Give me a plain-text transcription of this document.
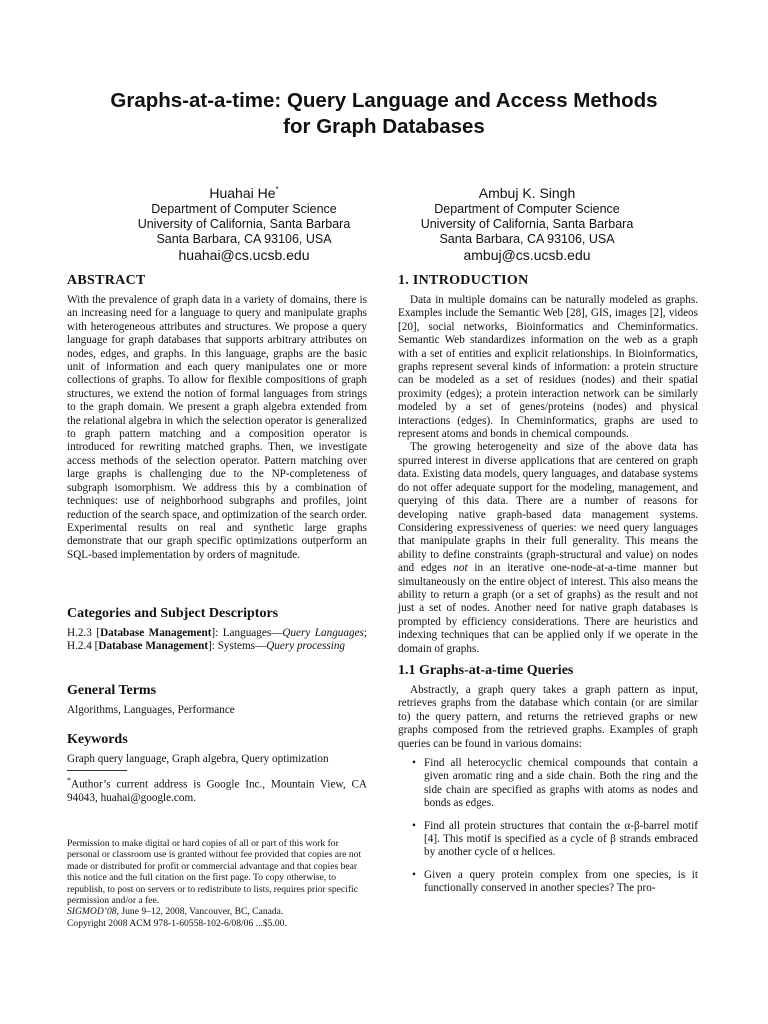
Graphs-at-a-time: Query Language and Access Methods
for Graph Databases
Huahai He*
Department of Computer Science
University of California, Santa Barbara
Santa Barbara, CA 93106, USA
huahai@cs.ucsb.edu
Ambuj K. Singh
Department of Computer Science
University of California, Santa Barbara
Santa Barbara, CA 93106, USA
ambuj@cs.ucsb.edu
ABSTRACT

With the prevalence of graph data in a variety of domains, there is an increasing need for a language to query and manipulate graphs with heterogeneous attributes and structures. We propose a query language for graph databases that supports arbitrary attributes on nodes, edges, and graphs. In this language, graphs are the basic unit of information and each query manipulates one or more collections of graphs. To allow for flexible compositions of graph structures, we extend the notion of formal languages from strings to the graph domain. We present a graph algebra extended from the relational algebra in which the selection operator is generalized to graph pattern matching and a composition operator is introduced for rewriting matched graphs. Then, we investigate access methods of the selection operator. Pattern matching over large graphs is challenging due to the NP-completeness of subgraph isomorphism. We address this by a combination of techniques: use of neighborhood subgraphs and profiles, joint reduction of the search space, and optimization of the search order. Experimental results on real and synthetic large graphs demonstrate that our graph specific optimizations outperform an SQL-based implementation by orders of magnitude.

Categories and Subject Descriptors

H.2.3 [Database Management]: Languages—Query Languages; H.2.4 [Database Management]: Systems—Query processing

General Terms

Algorithms, Languages, Performance

Keywords

Graph query language, Graph algebra, Query optimization

*Author’s current address is Google Inc., Mountain View, CA 94043, huahai@google.com.

Permission to make digital or hard copies of all or part of this work for personal or classroom use is granted without fee provided that copies are not made or distributed for profit or commercial advantage and that copies bear this notice and the full citation on the first page. To copy otherwise, to republish, to post on servers or to redistribute to lists, requires prior specific permission and/or a fee.

SIGMOD’08, June 9–12, 2008, Vancouver, BC, Canada.

Copyright 2008 ACM 978-1-60558-102-6/08/06 ...$5.00.

1. INTRODUCTION

Data in multiple domains can be naturally modeled as graphs. Examples include the Semantic Web [28], GIS, images [2], videos [20], social networks, Bioinformatics and Cheminformatics. Semantic Web standardizes information on the web as a graph with a set of entities and explicit relationships. In Bioinformatics, graphs represent several kinds of information: a protein structure can be modeled as a set of residues (nodes) and their spatial proximity (edges); a protein interaction network can be similarly modeled by a set of genes/proteins (nodes) and physical interactions (edges). In Cheminformatics, graphs are used to represent atoms and bonds in chemical compounds.

The growing heterogeneity and size of the above data has spurred interest in diverse applications that are centered on graph data. Existing data models, query languages, and database systems do not offer adequate support for the modeling, management, and querying of this data. There are a number of reasons for developing native graph-based data management systems. Considering expressiveness of queries: we need query languages that manipulate graphs in their full generality. This means the ability to define constraints (graph-structural and value) on nodes and edges not in an iterative one-node-at-a-time manner but simultaneously on the entire object of interest. This also means the ability to return a graph (or a set of graphs) as the result and not just a set of nodes. Another need for native graph databases is prompted by efficiency considerations. There are heuristics and indexing techniques that can be applied only if we operate in the domain of graphs.

1.1 Graphs-at-a-time Queries

Abstractly, a graph query takes a graph pattern as input, retrieves graphs from the database which contain (or are similar to) the query pattern, and returns the retrieved graphs or new graphs composed from the retrieved graphs. Examples of graph queries can be found in various domains:

• Find all heterocyclic chemical compounds that contain a given aromatic ring and a side chain. Both the ring and the side chain are specified as graphs with atoms as nodes and bonds as edges.

• Find all protein structures that contain the α-β-barrel motif [4]. This motif is specified as a cycle of β strands embraced by another cycle of α helices.

• Given a query protein complex from one species, is it functionally conserved in another species? The pro-
